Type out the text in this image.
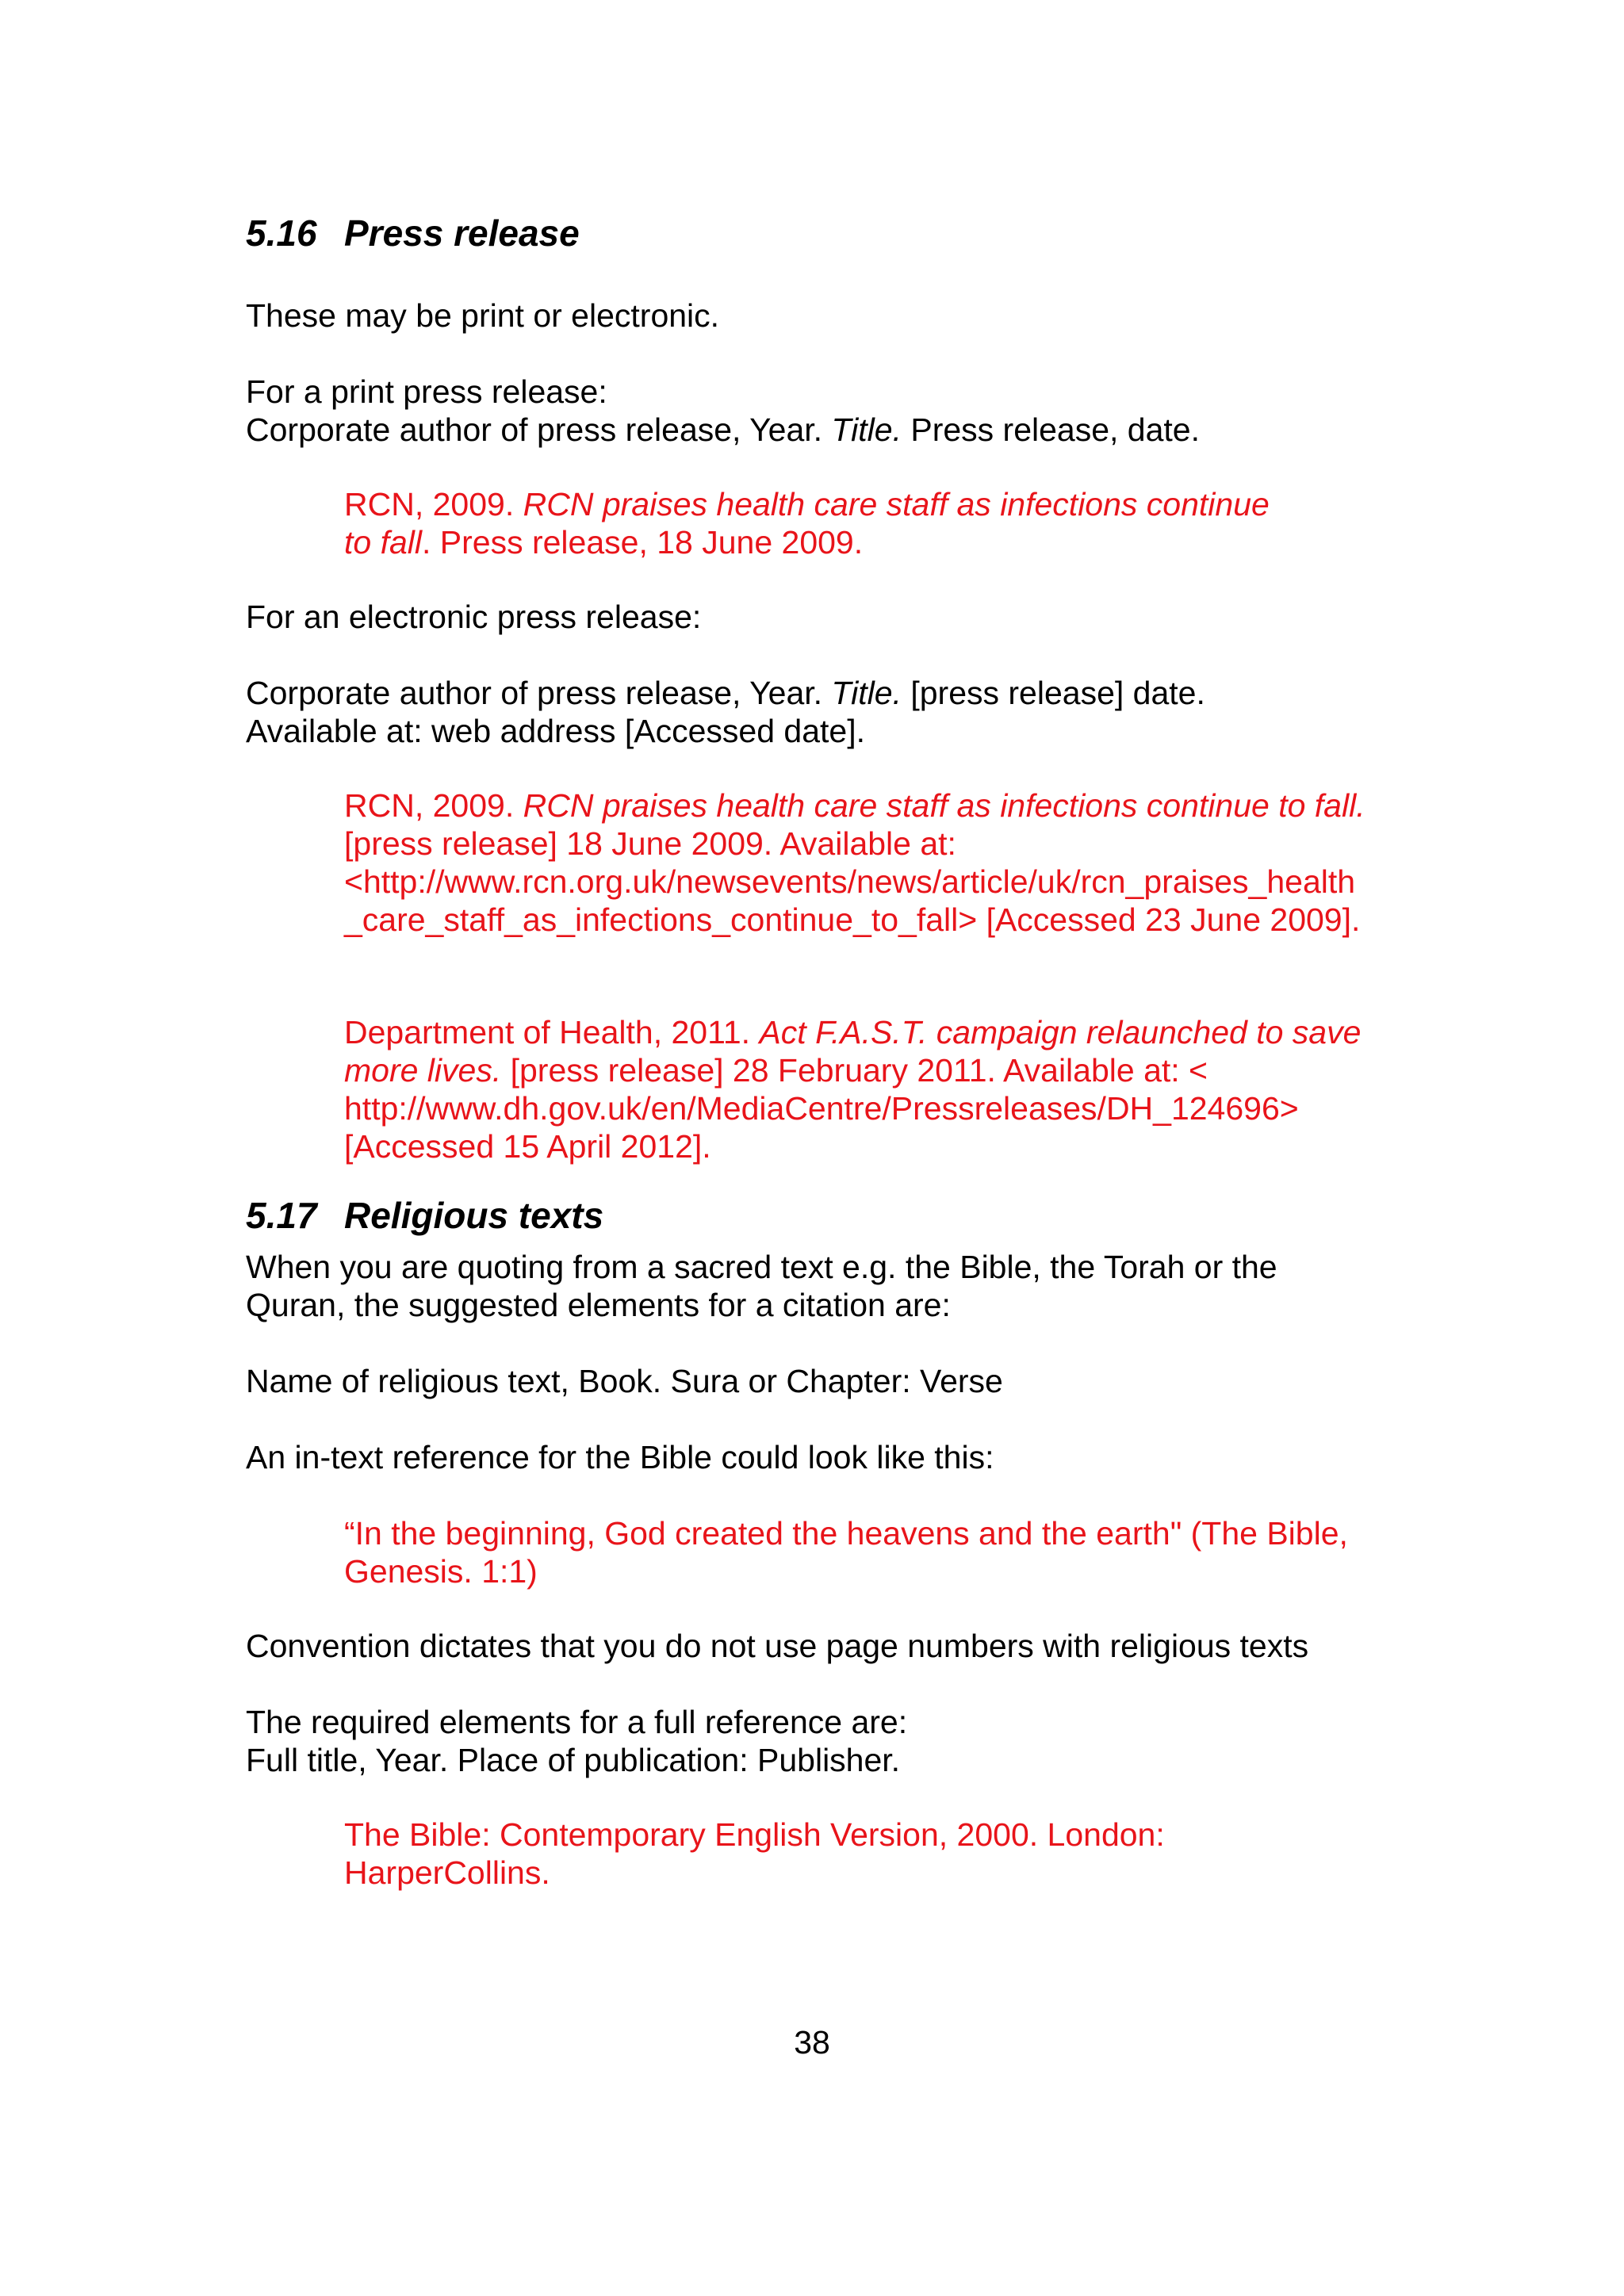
5.16 Press release
These may be print or electronic.
For a print press release:
Corporate author of press release, Year. Title. Press release, date.
RCN, 2009. RCN praises health care staff as infections continue
to fall. Press release, 18 June 2009.
For an electronic press release:
Corporate author of press release, Year. Title. [press release] date.
Available at: web address [Accessed date].
RCN, 2009. RCN praises health care staff as infections continue to fall.
[press release] 18 June 2009. Available at:
<http://www.rcn.org.uk/newsevents/news/article/uk/rcn_praises_health
_care_staff_as_infections_continue_to_fall> [Accessed 23 June 2009].
Department of Health, 2011. Act F.A.S.T. campaign relaunched to save
more lives. [press release] 28 February 2011. Available at: <
http://www.dh.gov.uk/en/MediaCentre/Pressreleases/DH_124696>
[Accessed 15 April 2012].
5.17 Religious texts
When you are quoting from a sacred text e.g. the Bible, the Torah or the
Quran, the suggested elements for a citation are:
Name of religious text, Book. Sura or Chapter: Verse
An in-text reference for the Bible could look like this:
“In the beginning, God created the heavens and the earth" (The Bible,
Genesis. 1:1)
Convention dictates that you do not use page numbers with religious texts
The required elements for a full reference are:
Full title, Year. Place of publication: Publisher.
The Bible: Contemporary English Version, 2000. London:
HarperCollins.
38
